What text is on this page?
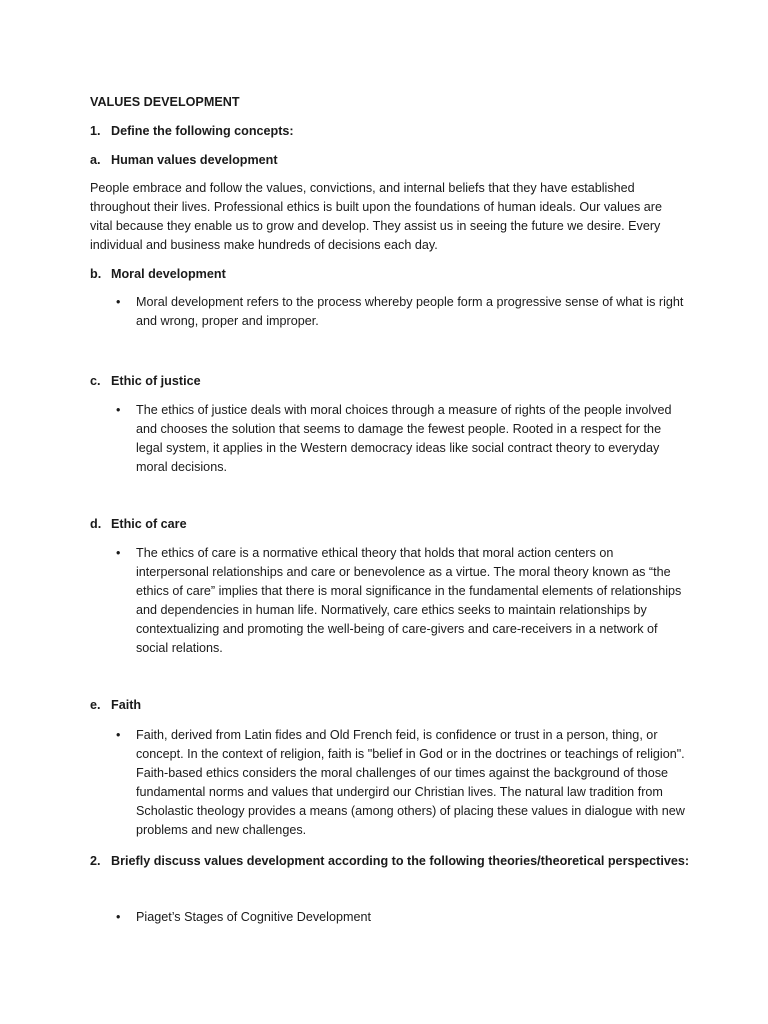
VALUES DEVELOPMENT

1. Define the following concepts:

a. Human values development

People embrace and follow the values, convictions, and internal beliefs that they have established throughout their lives. Professional ethics is built upon the foundations of human ideals. Our values are vital because they enable us to grow and develop. They assist us in seeing the future we desire. Every individual and business make hundreds of decisions each day.

b. Moral development

• Moral development refers to the process whereby people form a progressive sense of what is right and wrong, proper and improper.

c. Ethic of justice

• The ethics of justice deals with moral choices through a measure of rights of the people involved and chooses the solution that seems to damage the fewest people. Rooted in a respect for the legal system, it applies in the Western democracy ideas like social contract theory to everyday moral decisions.

d. Ethic of care

• The ethics of care is a normative ethical theory that holds that moral action centers on interpersonal relationships and care or benevolence as a virtue. The moral theory known as “the ethics of care” implies that there is moral significance in the fundamental elements of relationships and dependencies in human life. Normatively, care ethics seeks to maintain relationships by contextualizing and promoting the well-being of care-givers and care-receivers in a network of social relations.

e. Faith

• Faith, derived from Latin fides and Old French feid, is confidence or trust in a person, thing, or concept. In the context of religion, faith is "belief in God or in the doctrines or teachings of religion". Faith-based ethics considers the moral challenges of our times against the background of those fundamental norms and values that undergird our Christian lives. The natural law tradition from Scholastic theology provides a means (among others) of placing these values in dialogue with new problems and new challenges.

2. Briefly discuss values development according to the following theories/theoretical perspectives:

• Piaget’s Stages of Cognitive Development
